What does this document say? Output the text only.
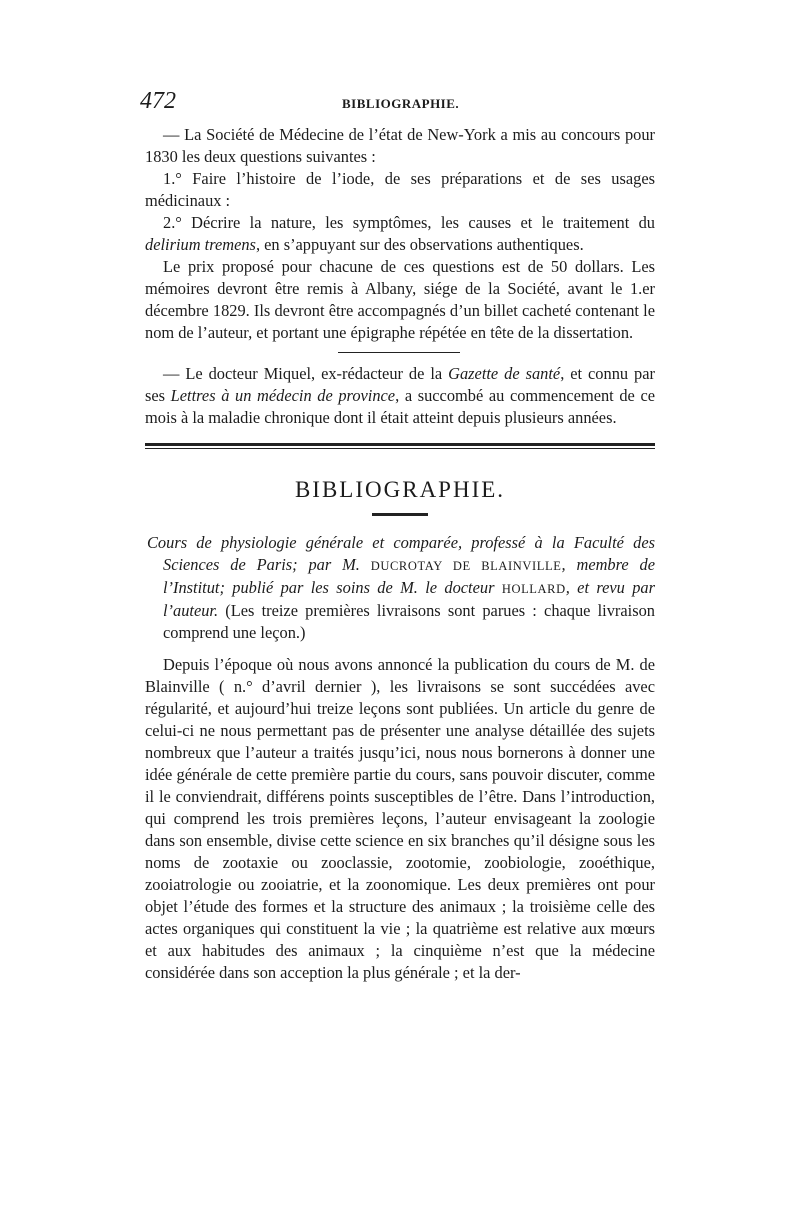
472	BIBLIOGRAPHIE.

— La Société de Médecine de l’état de New-York a mis au concours pour 1830 les deux questions suivantes :

1.° Faire l’histoire de l’iode, de ses préparations et de ses usages médicinaux :

2.° Décrire la nature, les symptômes, les causes et le traitement du delirium tremens, en s’appuyant sur des observations authentiques.

Le prix proposé pour chacune de ces questions est de 50 dollars. Les mémoires devront être remis à Albany, siége de la Société, avant le 1.er décembre 1829. Ils devront être accompagnés d’un billet cacheté contenant le nom de l’auteur, et portant une épigraphe répétée en tête de la dissertation.

— Le docteur Miquel, ex-rédacteur de la Gazette de santé, et connu par ses Lettres à un médecin de province, a succombé au commencement de ce mois à la maladie chronique dont il était atteint depuis plusieurs années.

BIBLIOGRAPHIE.

Cours de physiologie générale et comparée, professé à la Faculté des Sciences de Paris; par M. DUCROTAY DE BLAINVILLE, membre de l’Institut; publié par les soins de M. le docteur HOLLARD, et revu par l’auteur. (Les treize premières livraisons sont parues : chaque livraison comprend une leçon.)

Depuis l’époque où nous avons annoncé la publication du cours de M. de Blainville ( n.° d’avril dernier ), les livraisons se sont succédées avec régularité, et aujourd’hui treize leçons sont publiées. Un article du genre de celui-ci ne nous permettant pas de présenter une analyse détaillée des sujets nombreux que l’auteur a traités jusqu’ici, nous nous bornerons à donner une idée générale de cette première partie du cours, sans pouvoir discuter, comme il le conviendrait, différens points susceptibles de l’être. Dans l’introduction, qui comprend les trois premières leçons, l’auteur envisageant la zoologie dans son ensemble, divise cette science en six branches qu’il désigne sous les noms de zootaxie ou zooclassie, zootomie, zoobiologie, zooéthique, zooiatrologie ou zooiatrie, et la zoonomique. Les deux premières ont pour objet l’étude des formes et la structure des animaux ; la troisième celle des actes organiques qui constituent la vie ; la quatrième est relative aux mœurs et aux habitudes des animaux ; la cinquième n’est que la médecine considérée dans son acception la plus générale ; et la der-
